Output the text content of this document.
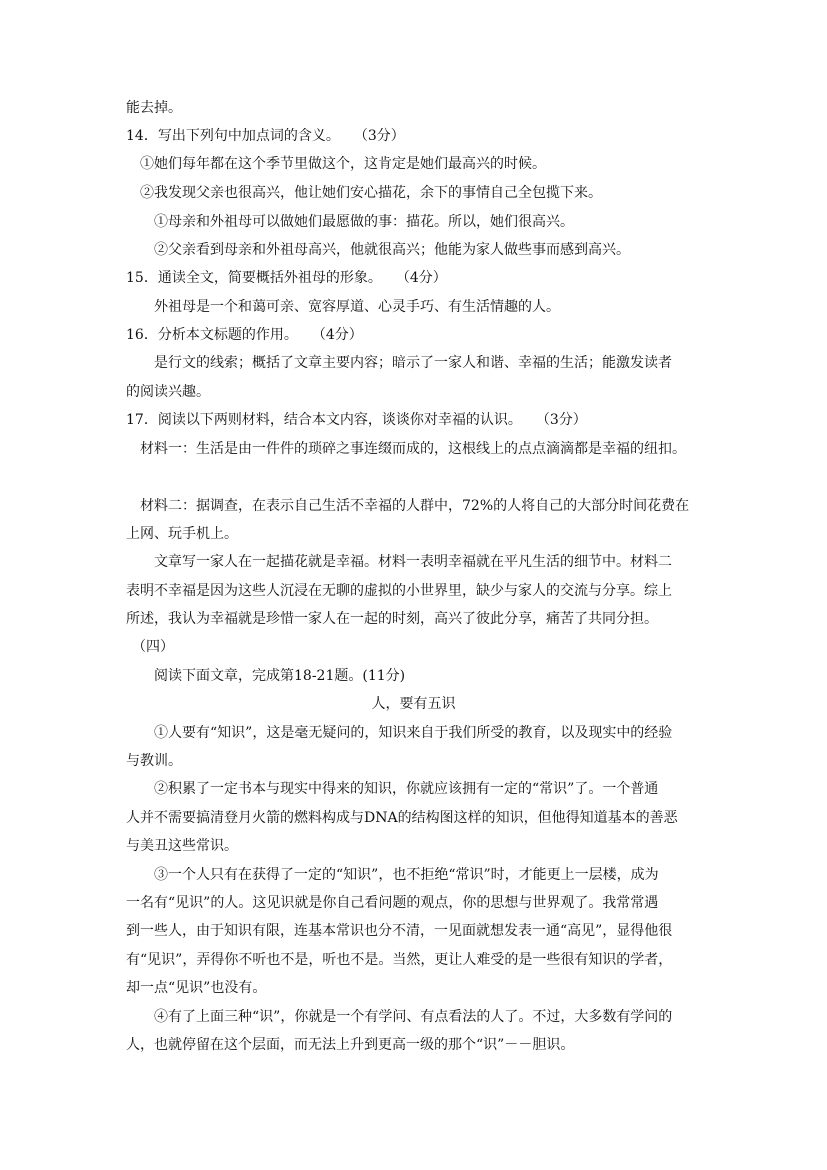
能去掉。
14．写出下列句中加点词的含义。　　（3分）
①她们每年都在这个季节里做这个，这肯定是她们最高兴的时候。
②我发现父亲也很高兴，他让她们安心描花，余下的事情自己全包揽下来。
①母亲和外祖母可以做她们最愿做的事：描花。所以，她们很高兴。
②父亲看到母亲和外祖母高兴，他就很高兴；他能为家人做些事而感到高兴。
15．通读全文，简要概括外祖母的形象。　　（4分）
外祖母是一个和蔼可亲、宽容厚道、心灵手巧、有生活情趣的人。
16．分析本文标题的作用。　　（4分）
是行文的线索；概括了文章主要内容；暗示了一家人和谐、幸福的生活；能激发读者
的阅读兴趣。
17．阅读以下两则材料，结合本文内容，谈谈你对幸福的认识。　　（3分）
材料一：生活是由一件件的琐碎之事连缀而成的，这根线上的点点滴滴都是幸福的纽扣。
材料二：据调查，在表示自己生活不幸福的人群中，72%的人将自己的大部分时间花费在
上网、玩手机上。
文章写一家人在一起描花就是幸福。材料一表明幸福就在平凡生活的细节中。材料二
表明不幸福是因为这些人沉浸在无聊的虚拟的小世界里，缺少与家人的交流与分享。综上
所述，我认为幸福就是珍惜一家人在一起的时刻，高兴了彼此分享，痛苦了共同分担。
（四）
阅读下面文章，完成第18-21题。(11分)
人，要有五识
①人要有“知识”，这是毫无疑问的，知识来自于我们所受的教育，以及现实中的经验
与教训。
②积累了一定书本与现实中得来的知识，你就应该拥有一定的“常识”了。一个普通
人并不需要搞清登月火箭的燃料构成与DNA的结构图这样的知识，但他得知道基本的善恶
与美丑这些常识。
③一个人只有在获得了一定的“知识”，也不拒绝“常识”时，才能更上一层楼，成为
一名有“见识”的人。这见识就是你自己看问题的观点，你的思想与世界观了。我常常遇
到一些人，由于知识有限，连基本常识也分不清，一见面就想发表一通“高见”，显得他很
有“见识”，弄得你不听也不是，听也不是。当然，更让人难受的是一些很有知识的学者，
却一点“见识”也没有。
④有了上面三种“识”，你就是一个有学问、有点看法的人了。不过，大多数有学问的
人，也就停留在这个层面，而无法上升到更高一级的那个“识”－－胆识。
